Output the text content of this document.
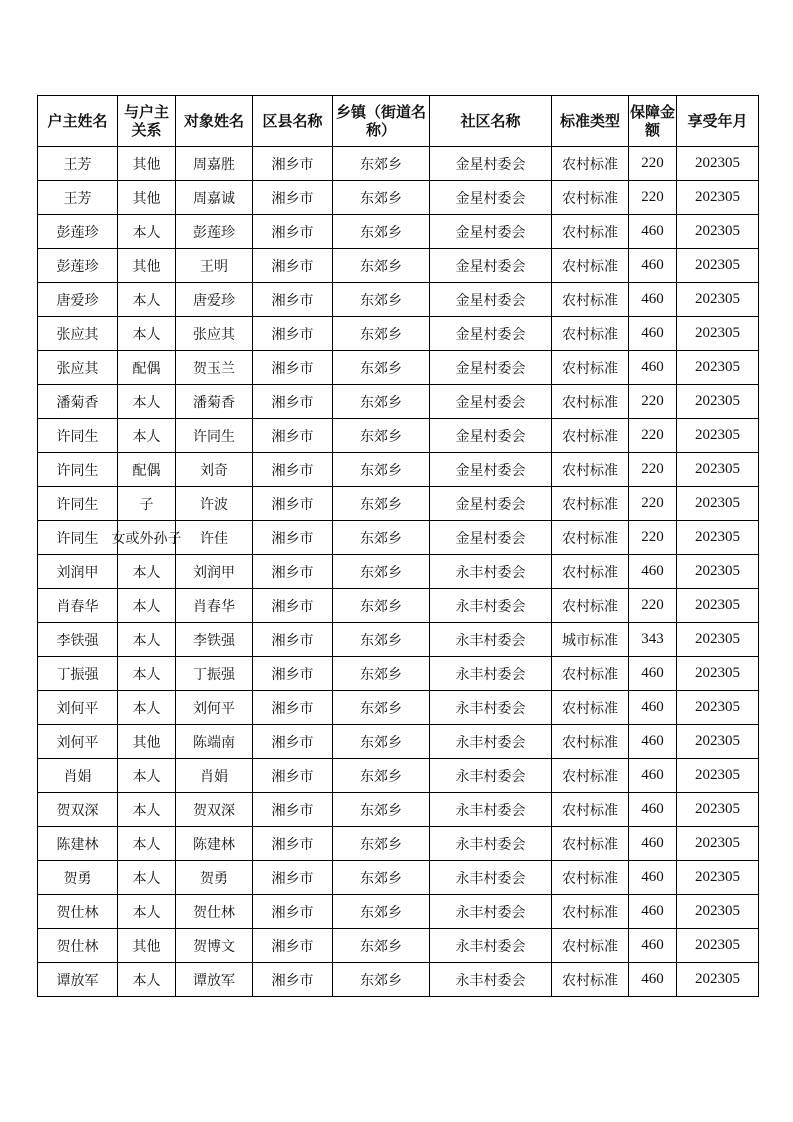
户主姓名	与户主关系	对象姓名	区县名称	乡镇（街道名称）	社区名称	标准类型	保障金额	享受年月
王芳	其他	周嘉胜	湘乡市	东郊乡	金星村委会	农村标准	220	202305
王芳	其他	周嘉诚	湘乡市	东郊乡	金星村委会	农村标准	220	202305
彭莲珍	本人	彭莲珍	湘乡市	东郊乡	金星村委会	农村标准	460	202305
彭莲珍	其他	王明	湘乡市	东郊乡	金星村委会	农村标准	460	202305
唐爱珍	本人	唐爱珍	湘乡市	东郊乡	金星村委会	农村标准	460	202305
张应其	本人	张应其	湘乡市	东郊乡	金星村委会	农村标准	460	202305
张应其	配偶	贺玉兰	湘乡市	东郊乡	金星村委会	农村标准	460	202305
潘菊香	本人	潘菊香	湘乡市	东郊乡	金星村委会	农村标准	220	202305
许同生	本人	许同生	湘乡市	东郊乡	金星村委会	农村标准	220	202305
许同生	配偶	刘奇	湘乡市	东郊乡	金星村委会	农村标准	220	202305
许同生	子	许波	湘乡市	东郊乡	金星村委会	农村标准	220	202305
许同生	女或外孙子	许佳	湘乡市	东郊乡	金星村委会	农村标准	220	202305
刘润甲	本人	刘润甲	湘乡市	东郊乡	永丰村委会	农村标准	460	202305
肖春华	本人	肖春华	湘乡市	东郊乡	永丰村委会	农村标准	220	202305
李铁强	本人	李铁强	湘乡市	东郊乡	永丰村委会	城市标准	343	202305
丁振强	本人	丁振强	湘乡市	东郊乡	永丰村委会	农村标准	460	202305
刘何平	本人	刘何平	湘乡市	东郊乡	永丰村委会	农村标准	460	202305
刘何平	其他	陈端南	湘乡市	东郊乡	永丰村委会	农村标准	460	202305
肖娟	本人	肖娟	湘乡市	东郊乡	永丰村委会	农村标准	460	202305
贺双深	本人	贺双深	湘乡市	东郊乡	永丰村委会	农村标准	460	202305
陈建林	本人	陈建林	湘乡市	东郊乡	永丰村委会	农村标准	460	202305
贺勇	本人	贺勇	湘乡市	东郊乡	永丰村委会	农村标准	460	202305
贺仕林	本人	贺仕林	湘乡市	东郊乡	永丰村委会	农村标准	460	202305
贺仕林	其他	贺博文	湘乡市	东郊乡	永丰村委会	农村标准	460	202305
谭放军	本人	谭放军	湘乡市	东郊乡	永丰村委会	农村标准	460	202305
